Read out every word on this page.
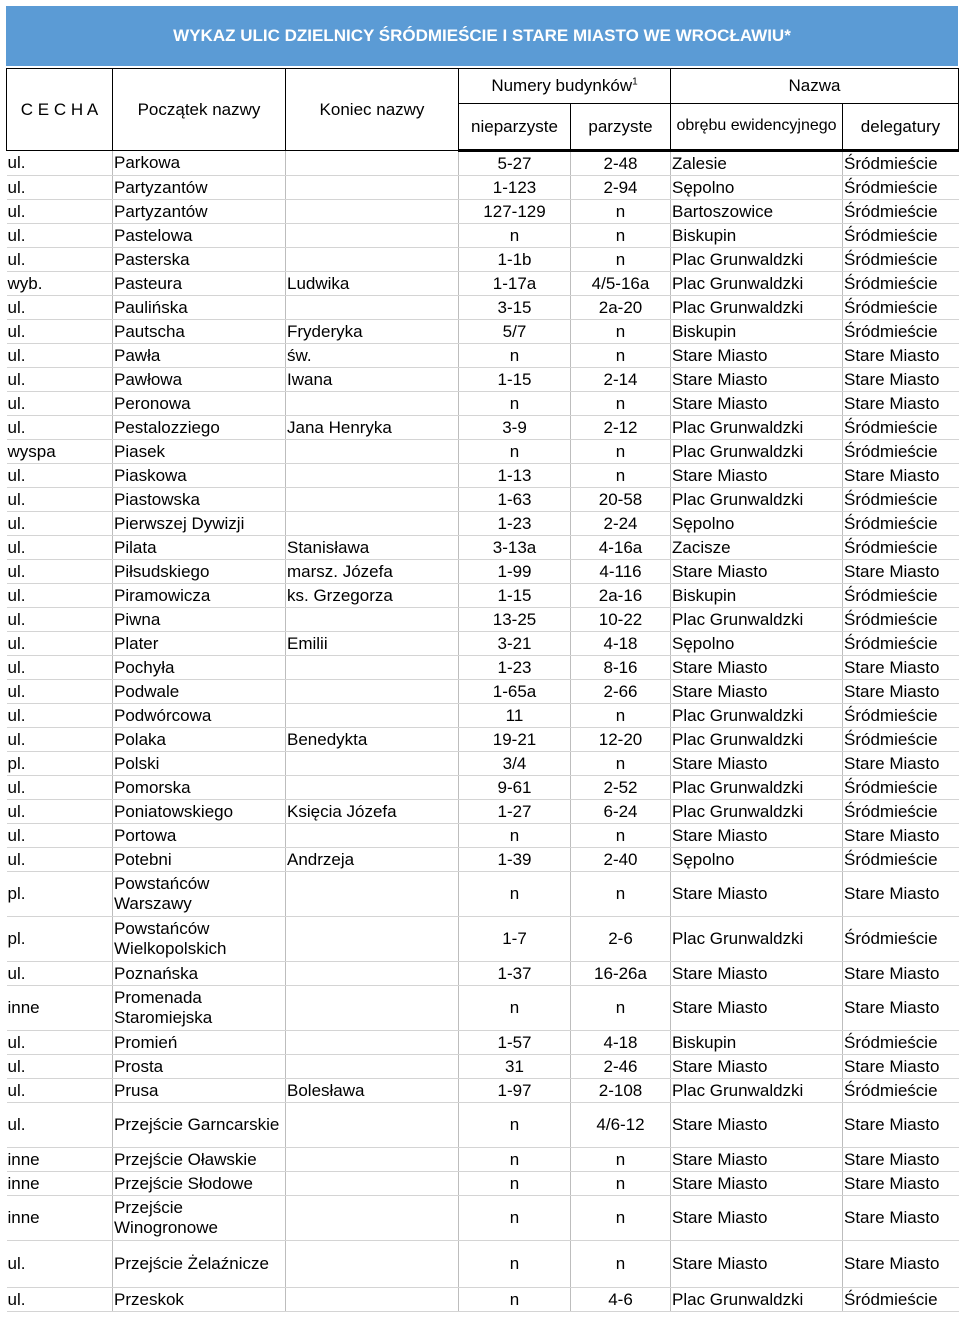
WYKAZ ULIC DZIELNICY ŚRÓDMIEŚCIE I STARE MIASTO WE WROCŁAWIU*
C E C H A	Początek nazwy	Koniec nazwy	Numery budynków$^1$		Nazwa	
			nieparzyste	parzyste	obrębu ewidencyjnego	delegatury
ul.	Parkowa		5-27	2-48	Zalesie	Śródmieście
ul.	Partyzantów		1-123	2-94	Sępolno	Śródmieście
ul.	Partyzantów		127-129	n	Bartoszowice	Śródmieście
ul.	Pastelowa		n	n	Biskupin	Śródmieście
ul.	Pasterska		1-1b	n	Plac Grunwaldzki	Śródmieście
wyb.	Pasteura	Ludwika	1-17a	4/5-16a	Plac Grunwaldzki	Śródmieście
ul.	Paulińska		3-15	2a-20	Plac Grunwaldzki	Śródmieście
ul.	Pautscha	Fryderyka	5/7	n	Biskupin	Śródmieście
ul.	Pawła	św.	n	n	Stare Miasto	Stare Miasto
ul.	Pawłowa	Iwana	1-15	2-14	Stare Miasto	Stare Miasto
ul.	Peronowa		n	n	Stare Miasto	Stare Miasto
ul.	Pestalozziego	Jana Henryka	3-9	2-12	Plac Grunwaldzki	Śródmieście
wyspa	Piasek		n	n	Plac Grunwaldzki	Śródmieście
ul.	Piaskowa		1-13	n	Stare Miasto	Stare Miasto
ul.	Piastowska		1-63	20-58	Plac Grunwaldzki	Śródmieście
ul.	Pierwszej Dywizji		1-23	2-24	Sępolno	Śródmieście
ul.	Pilata	Stanisława	3-13a	4-16a	Zacisze	Śródmieście
ul.	Piłsudskiego	marsz. Józefa	1-99	4-116	Stare Miasto	Stare Miasto
ul.	Piramowicza	ks. Grzegorza	1-15	2a-16	Biskupin	Śródmieście
ul.	Piwna		13-25	10-22	Plac Grunwaldzki	Śródmieście
ul.	Plater	Emilii	3-21	4-18	Sępolno	Śródmieście
ul.	Pochyła		1-23	8-16	Stare Miasto	Stare Miasto
ul.	Podwale		1-65a	2-66	Stare Miasto	Stare Miasto
ul.	Podwórcowa		11	n	Plac Grunwaldzki	Śródmieście
ul.	Polaka	Benedykta	19-21	12-20	Plac Grunwaldzki	Śródmieście
pl.	Polski		3/4	n	Stare Miasto	Stare Miasto
ul.	Pomorska		9-61	2-52	Plac Grunwaldzki	Śródmieście
ul.	Poniatowskiego	Księcia Józefa	1-27	6-24	Plac Grunwaldzki	Śródmieście
ul.	Portowa		n	n	Stare Miasto	Stare Miasto
ul.	Potebni	Andrzeja	1-39	2-40	Sępolno	Śródmieście
pl.	Powstańców Warszawy		n	n	Stare Miasto	Stare Miasto
pl.	Powstańców Wielkopolskich		1-7	2-6	Plac Grunwaldzki	Śródmieście
ul.	Poznańska		1-37	16-26a	Stare Miasto	Stare Miasto
inne	Promenada Staromiejska		n	n	Stare Miasto	Stare Miasto
ul.	Promień		1-57	4-18	Biskupin	Śródmieście
ul.	Prosta		31	2-46	Stare Miasto	Stare Miasto
ul.	Prusa	Bolesława	1-97	2-108	Plac Grunwaldzki	Śródmieście
ul.	Przejście Garncarskie		n	4/6-12	Stare Miasto	Stare Miasto
inne	Przejście Oławskie		n	n	Stare Miasto	Stare Miasto
inne	Przejście Słodowe		n	n	Stare Miasto	Stare Miasto
inne	Przejście Winogronowe		n	n	Stare Miasto	Stare Miasto
ul.	Przejście Żelaźnicze		n	n	Stare Miasto	Stare Miasto
ul.	Przeskok		n	4-6	Plac Grunwaldzki	Śródmieście
